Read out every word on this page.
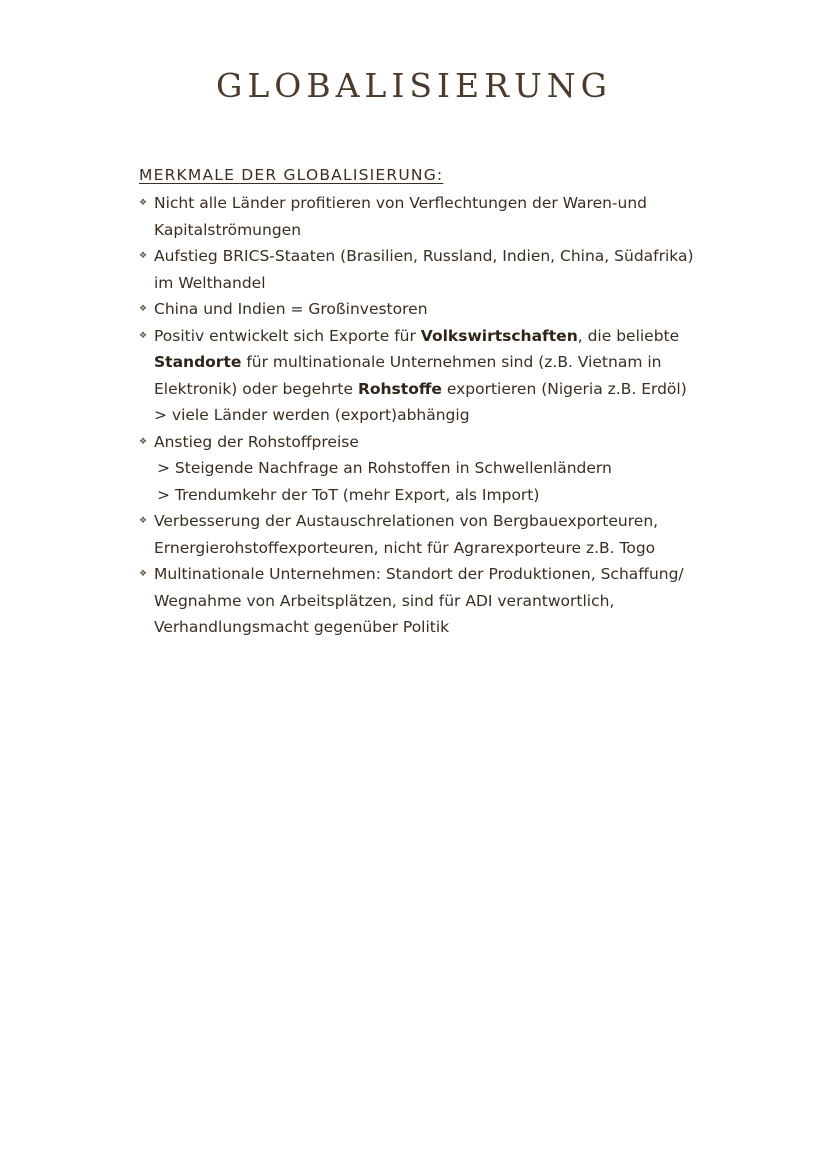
GLOBALISIERUNG
MERKMALE DER GLOBALISIERUNG:
❖ Nicht alle Länder profitieren von Verflechtungen der Waren-und
Kapitalströmungen
❖ Aufstieg BRICS-Staaten (Brasilien, Russland, Indien, China, Südafrika)
im Welthandel
❖ China und Indien = Großinvestoren
❖ Positiv entwickelt sich Exporte für Volkswirtschaften, die beliebte
Standorte für multinationale Unternehmen sind (z.B. Vietnam in
Elektronik) oder begehrte Rohstoffe exportieren (Nigeria z.B. Erdöl)
> viele Länder werden (export)abhängig
❖ Anstieg der Rohstoffpreise
> Steigende Nachfrage an Rohstoffen in Schwellenländern
> Trendumkehr der ToT (mehr Export, als Import)
❖ Verbesserung der Austauschrelationen von Bergbauexporteuren,
Ernergierohstoffexporteuren, nicht für Agrarexporteure z.B. Togo
❖ Multinationale Unternehmen: Standort der Produktionen, Schaffung/
Wegnahme von Arbeitsplätzen, sind für ADI verantwortlich,
Verhandlungsmacht gegenüber Politik
